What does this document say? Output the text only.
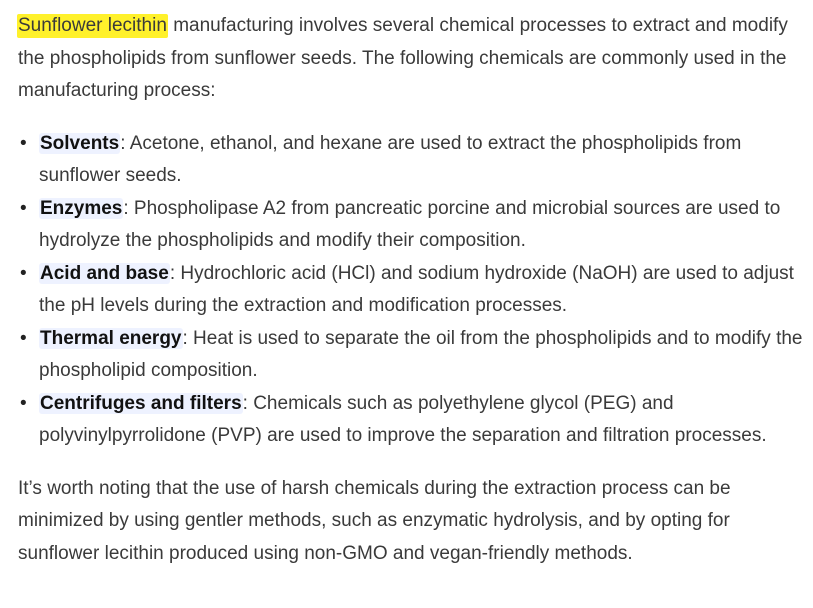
Sunflower lecithin manufacturing involves several chemical processes to extract and modify the phospholipids from sunflower seeds. The following chemicals are commonly used in the manufacturing process:

• Solvents: Acetone, ethanol, and hexane are used to extract the phospholipids from sunflower seeds.
• Enzymes: Phospholipase A2 from pancreatic porcine and microbial sources are used to hydrolyze the phospholipids and modify their composition.
• Acid and base: Hydrochloric acid (HCl) and sodium hydroxide (NaOH) are used to adjust the pH levels during the extraction and modification processes.
• Thermal energy: Heat is used to separate the oil from the phospholipids and to modify the phospholipid composition.
• Centrifuges and filters: Chemicals such as polyethylene glycol (PEG) and polyvinylpyrrolidone (PVP) are used to improve the separation and filtration processes.

It’s worth noting that the use of harsh chemicals during the extraction process can be minimized by using gentler methods, such as enzymatic hydrolysis, and by opting for sunflower lecithin produced using non-GMO and vegan-friendly methods.
